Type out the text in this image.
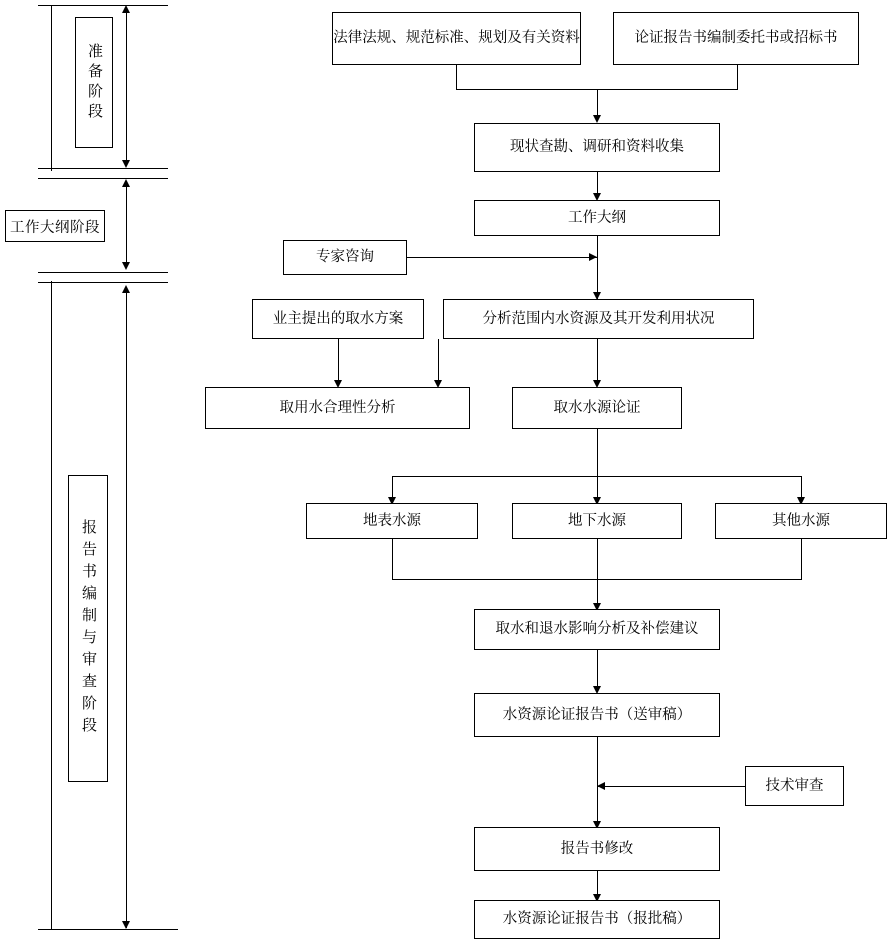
准备阶段
工作大纲阶段
报告书编制与审查阶段
法律法规、规范标准、规划及有关资料	论证报告书编制委托书或招标书
现状查勘、调研和资料收集
工作大纲
专家咨询
业主提出的取水方案	分析范围内水资源及其开发利用状况
取用水合理性分析	取水水源论证
地表水源	地下水源	其他水源
取水和退水影响分析及补偿建议
水资源论证报告书（送审稿）
技术审查
报告书修改
水资源论证报告书（报批稿）
